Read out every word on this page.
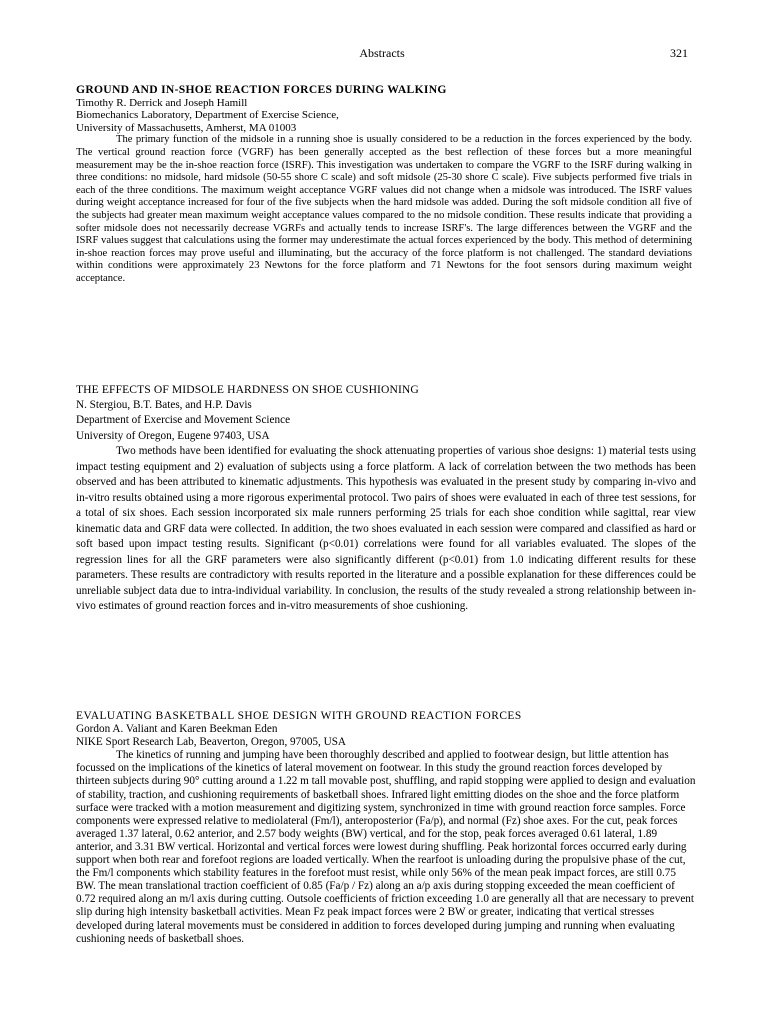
Abstracts	321
GROUND AND IN-SHOE REACTION FORCES DURING WALKING
Timothy R. Derrick and Joseph Hamill
Biomechanics Laboratory, Department of Exercise Science,
University of Massachusetts, Amherst, MA 01003

The primary function of the midsole in a running shoe is usually considered to be a reduction in the forces experienced by the body. The vertical ground reaction force (VGRF) has been generally accepted as the best reflection of these forces but a more meaningful measurement may be the in-shoe reaction force (ISRF). This investigation was undertaken to compare the VGRF to the ISRF during walking in three conditions: no midsole, hard midsole (50-55 shore C scale) and soft midsole (25-30 shore C scale). Five subjects performed five trials in each of the three conditions. The maximum weight acceptance VGRF values did not change when a midsole was introduced. The ISRF values during weight acceptance increased for four of the five subjects when the hard midsole was added. During the soft midsole condition all five of the subjects had greater mean maximum weight acceptance values compared to the no midsole condition. These results indicate that providing a softer midsole does not necessarily decrease VGRFs and actually tends to increase ISRF's. The large differences between the VGRF and the ISRF values suggest that calculations using the former may underestimate the actual forces experienced by the body. This method of determining in-shoe reaction forces may prove useful and illuminating, but the accuracy of the force platform is not challenged. The standard deviations within conditions were approximately 23 Newtons for the force platform and 71 Newtons for the foot sensors during maximum weight acceptance.

THE EFFECTS OF MIDSOLE HARDNESS ON SHOE CUSHIONING
N. Stergiou, B.T. Bates, and H.P. Davis
Department of Exercise and Movement Science
University of Oregon, Eugene 97403, USA

Two methods have been identified for evaluating the shock attenuating properties of various shoe designs: 1) material tests using impact testing equipment and 2) evaluation of subjects using a force platform. A lack of correlation between the two methods has been observed and has been attributed to kinematic adjustments. This hypothesis was evaluated in the present study by comparing in-vivo and in-vitro results obtained using a more rigorous experimental protocol. Two pairs of shoes were evaluated in each of three test sessions, for a total of six shoes. Each session incorporated six male runners performing 25 trials for each shoe condition while sagittal, rear view kinematic data and GRF data were collected. In addition, the two shoes evaluated in each session were compared and classified as hard or soft based upon impact testing results. Significant (p<0.01) correlations were found for all variables evaluated. The slopes of the regression lines for all the GRF parameters were also significantly different (p<0.01) from 1.0 indicating different results for these parameters. These results are contradictory with results reported in the literature and a possible explanation for these differences could be unreliable subject data due to intra-individual variability. In conclusion, the results of the study revealed a strong relationship between in-vivo estimates of ground reaction forces and in-vitro measurements of shoe cushioning.

EVALUATING BASKETBALL SHOE DESIGN WITH GROUND REACTION FORCES
Gordon A. Valiant and Karen Beekman Eden
NIKE Sport Research Lab, Beaverton, Oregon, 97005, USA

The kinetics of running and jumping have been thoroughly described and applied to footwear design, but little attention has focussed on the implications of the kinetics of lateral movement on footwear. In this study the ground reaction forces developed by thirteen subjects during 90° cutting around a 1.22 m tall movable post, shuffling, and rapid stopping were applied to design and evaluation of stability, traction, and cushioning requirements of basketball shoes. Infrared light emitting diodes on the shoe and the force platform surface were tracked with a motion measurement and digitizing system, synchronized in time with ground reaction force samples. Force components were expressed relative to mediolateral (Fm/l), anteroposterior (Fa/p), and normal (Fz) shoe axes. For the cut, peak forces averaged 1.37 lateral, 0.62 anterior, and 2.57 body weights (BW) vertical, and for the stop, peak forces averaged 0.61 lateral, 1.89 anterior, and 3.31 BW vertical. Horizontal and vertical forces were lowest during shuffling. Peak horizontal forces occurred early during support when both rear and forefoot regions are loaded vertically. When the rearfoot is unloading during the propulsive phase of the cut, the Fm/l components which stability features in the forefoot must resist, while only 56% of the mean peak impact forces, are still 0.75 BW. The mean translational traction coefficient of 0.85 (Fa/p / Fz) along an a/p axis during stopping exceeded the mean coefficient of 0.72 required along an m/l axis during cutting. Outsole coefficients of friction exceeding 1.0 are generally all that are necessary to prevent slip during high intensity basketball activities. Mean Fz peak impact forces were 2 BW or greater, indicating that vertical stresses developed during lateral movements must be considered in addition to forces developed during jumping and running when evaluating cushioning needs of basketball shoes.
